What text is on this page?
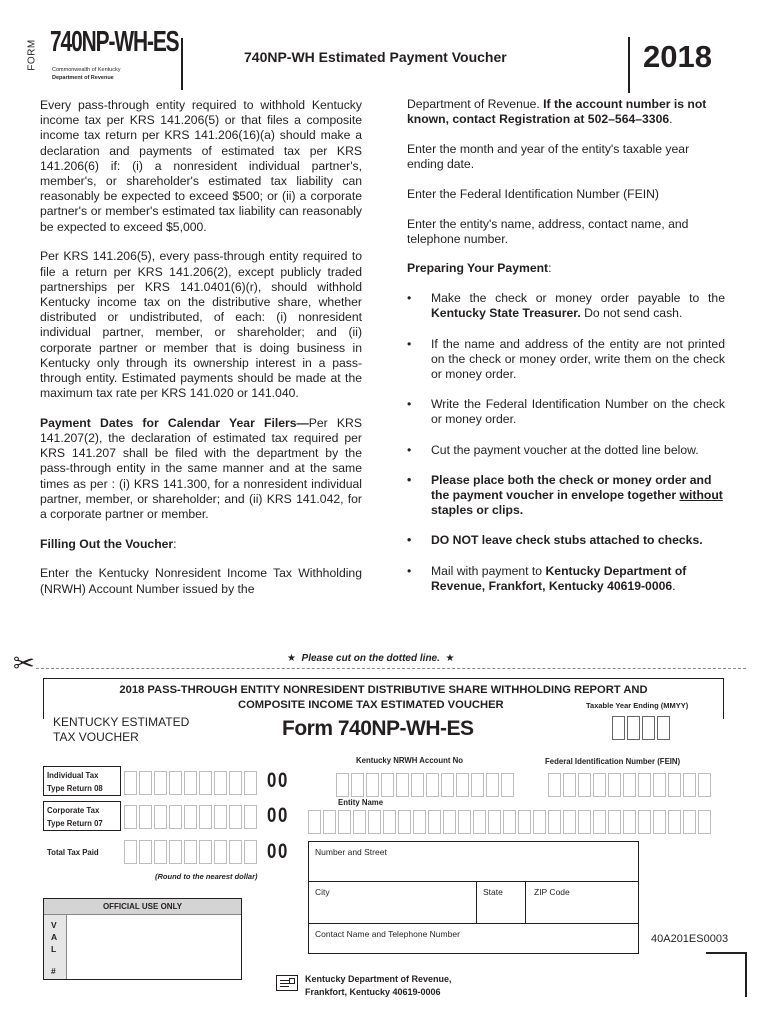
FORM 740NP-WH-ES
Commonwealth of Kentucky
Department of Revenue
740NP-WH Estimated Payment Voucher	2018

Every pass-through entity required to withhold Kentucky income tax per KRS 141.206(5) or that files a composite income tax return per KRS 141.206(16)(a) should make a declaration and payments of estimated tax per KRS 141.206(6) if: (i) a nonresident individual partner's, member's, or shareholder's estimated tax liability can reasonably be expected to exceed $500; or (ii) a corporate partner's or member's estimated tax liability can reasonably be expected to exceed $5,000.

Per KRS 141.206(5), every pass-through entity required to file a return per KRS 141.206(2), except publicly traded partnerships per KRS 141.0401(6)(r), should withhold Kentucky income tax on the distributive share, whether distributed or undistributed, of each: (i) nonresident individual partner, member, or shareholder; and (ii) corporate partner or member that is doing business in Kentucky only through its ownership interest in a pass-through entity. Estimated payments should be made at the maximum tax rate per KRS 141.020 or 141.040.

Payment Dates for Calendar Year Filers—Per KRS 141.207(2), the declaration of estimated tax required per KRS 141.207 shall be filed with the department by the pass-through entity in the same manner and at the same times as per : (i) KRS 141.300, for a nonresident individual partner, member, or shareholder; and (ii) KRS 141.042, for a corporate partner or member.

Filling Out the Voucher:

Enter the Kentucky Nonresident Income Tax Withholding (NRWH) Account Number issued by the

Department of Revenue. If the account number is not known, contact Registration at 502–564–3306.

Enter the month and year of the entity's taxable year ending date.

Enter the Federal Identification Number (FEIN)

Enter the entity's name, address, contact name, and telephone number.

Preparing Your Payment:

• Make the check or money order payable to the Kentucky State Treasurer. Do not send cash.
• If the name and address of the entity are not printed on the check or money order, write them on the check or money order.
• Write the Federal Identification Number on the check or money order.
• Cut the payment voucher at the dotted line below.
• Please place both the check or money order and the payment voucher in envelope together without staples or clips.
• DO NOT leave check stubs attached to checks.
• Mail with payment to Kentucky Department of Revenue, Frankfort, Kentucky 40619-0006.
✂	★ Please cut on the dotted line. ★
2018 PASS-THROUGH ENTITY NONRESIDENT DISTRIBUTIVE SHARE WITHHOLDING REPORT AND
COMPOSITE INCOME TAX ESTIMATED VOUCHER	Taxable Year Ending (MMYY)
KENTUCKY ESTIMATED
TAX VOUCHER	Form 740NP-WH-ES
Kentucky NRWH Account No	Federal Identification Number (FEIN)
Entity Name
Individual Tax
Type Return 08	00
Corporate Tax
Type Return 07	00
Total Tax Paid	00
(Round to the nearest dollar)
Number and Street
City	State	ZIP Code
Contact Name and Telephone Number
OFFICIAL USE ONLY
V
A
L
#
Kentucky Department of Revenue,
Frankfort, Kentucky 40619-0006
40A201ES0003
